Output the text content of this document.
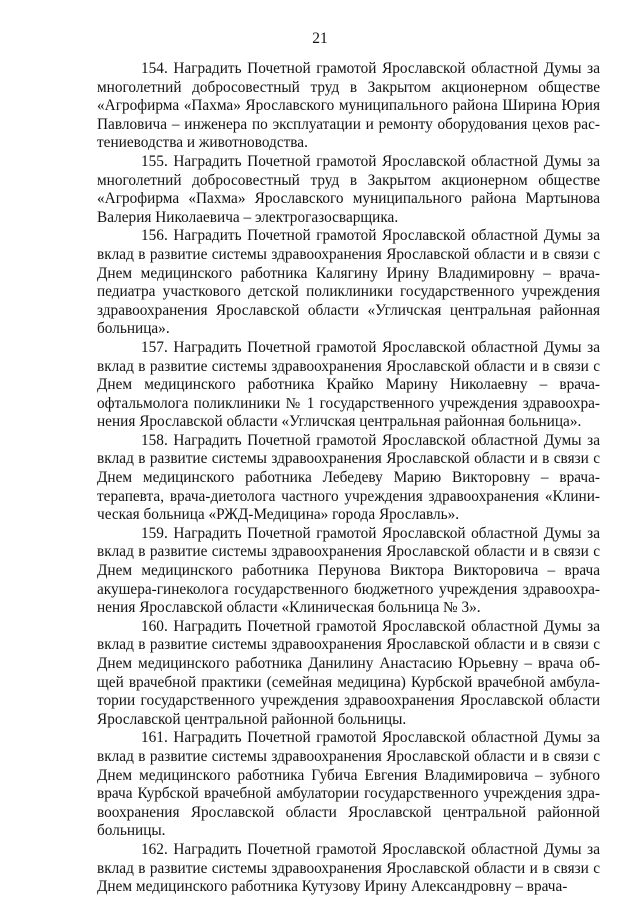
21

154. Наградить Почетной грамотой Ярославской областной Думы за многолетний добросовестный труд в Закрытом акционерном обществе «Агрофирма «Пахма» Ярославского муниципального района Ширина Юрия Павловича – инженера по эксплуатации и ремонту оборудования цехов растениеводства и животноводства.

155. Наградить Почетной грамотой Ярославской областной Думы за многолетний добросовестный труд в Закрытом акционерном обществе «Агрофирма «Пахма» Ярославского муниципального района Мартынова Валерия Николаевича – электрогазосварщика.

156. Наградить Почетной грамотой Ярославской областной Думы за вклад в развитие системы здравоохранения Ярославской области и в связи с Днем медицинского работника Калягину Ирину Владимировну – врача-педиатра участкового детской поликлиники государственного учреждения здравоохранения Ярославской области «Угличская центральная районная больница».

157. Наградить Почетной грамотой Ярославской областной Думы за вклад в развитие системы здравоохранения Ярославской области и в связи с Днем медицинского работника Крайко Марину Николаевну – врача-офтальмолога поликлиники № 1 государственного учреждения здравоохранения Ярославской области «Угличская центральная районная больница».

158. Наградить Почетной грамотой Ярославской областной Думы за вклад в развитие системы здравоохранения Ярославской области и в связи с Днем медицинского работника Лебедеву Марию Викторовну – врача-терапевта, врача-диетолога частного учреждения здравоохранения «Клиническая больница «РЖД-Медицина» города Ярославль».

159. Наградить Почетной грамотой Ярославской областной Думы за вклад в развитие системы здравоохранения Ярославской области и в связи с Днем медицинского работника Перунова Виктора Викторовича – врача акушера-гинеколога государственного бюджетного учреждения здравоохранения Ярославской области «Клиническая больница № 3».

160. Наградить Почетной грамотой Ярославской областной Думы за вклад в развитие системы здравоохранения Ярославской области и в связи с Днем медицинского работника Данилину Анастасию Юрьевну – врача общей врачебной практики (семейная медицина) Курбской врачебной амбулатории государственного учреждения здравоохранения Ярославской области Ярославской центральной районной больницы.

161. Наградить Почетной грамотой Ярославской областной Думы за вклад в развитие системы здравоохранения Ярославской области и в связи с Днем медицинского работника Губича Евгения Владимировича – зубного врача Курбской врачебной амбулатории государственного учреждения здравоохранения Ярославской области Ярославской центральной районной больницы.

162. Наградить Почетной грамотой Ярославской областной Думы за вклад в развитие системы здравоохранения Ярославской области и в связи с Днем медицинского работника Кутузову Ирину Александровну – врача-
